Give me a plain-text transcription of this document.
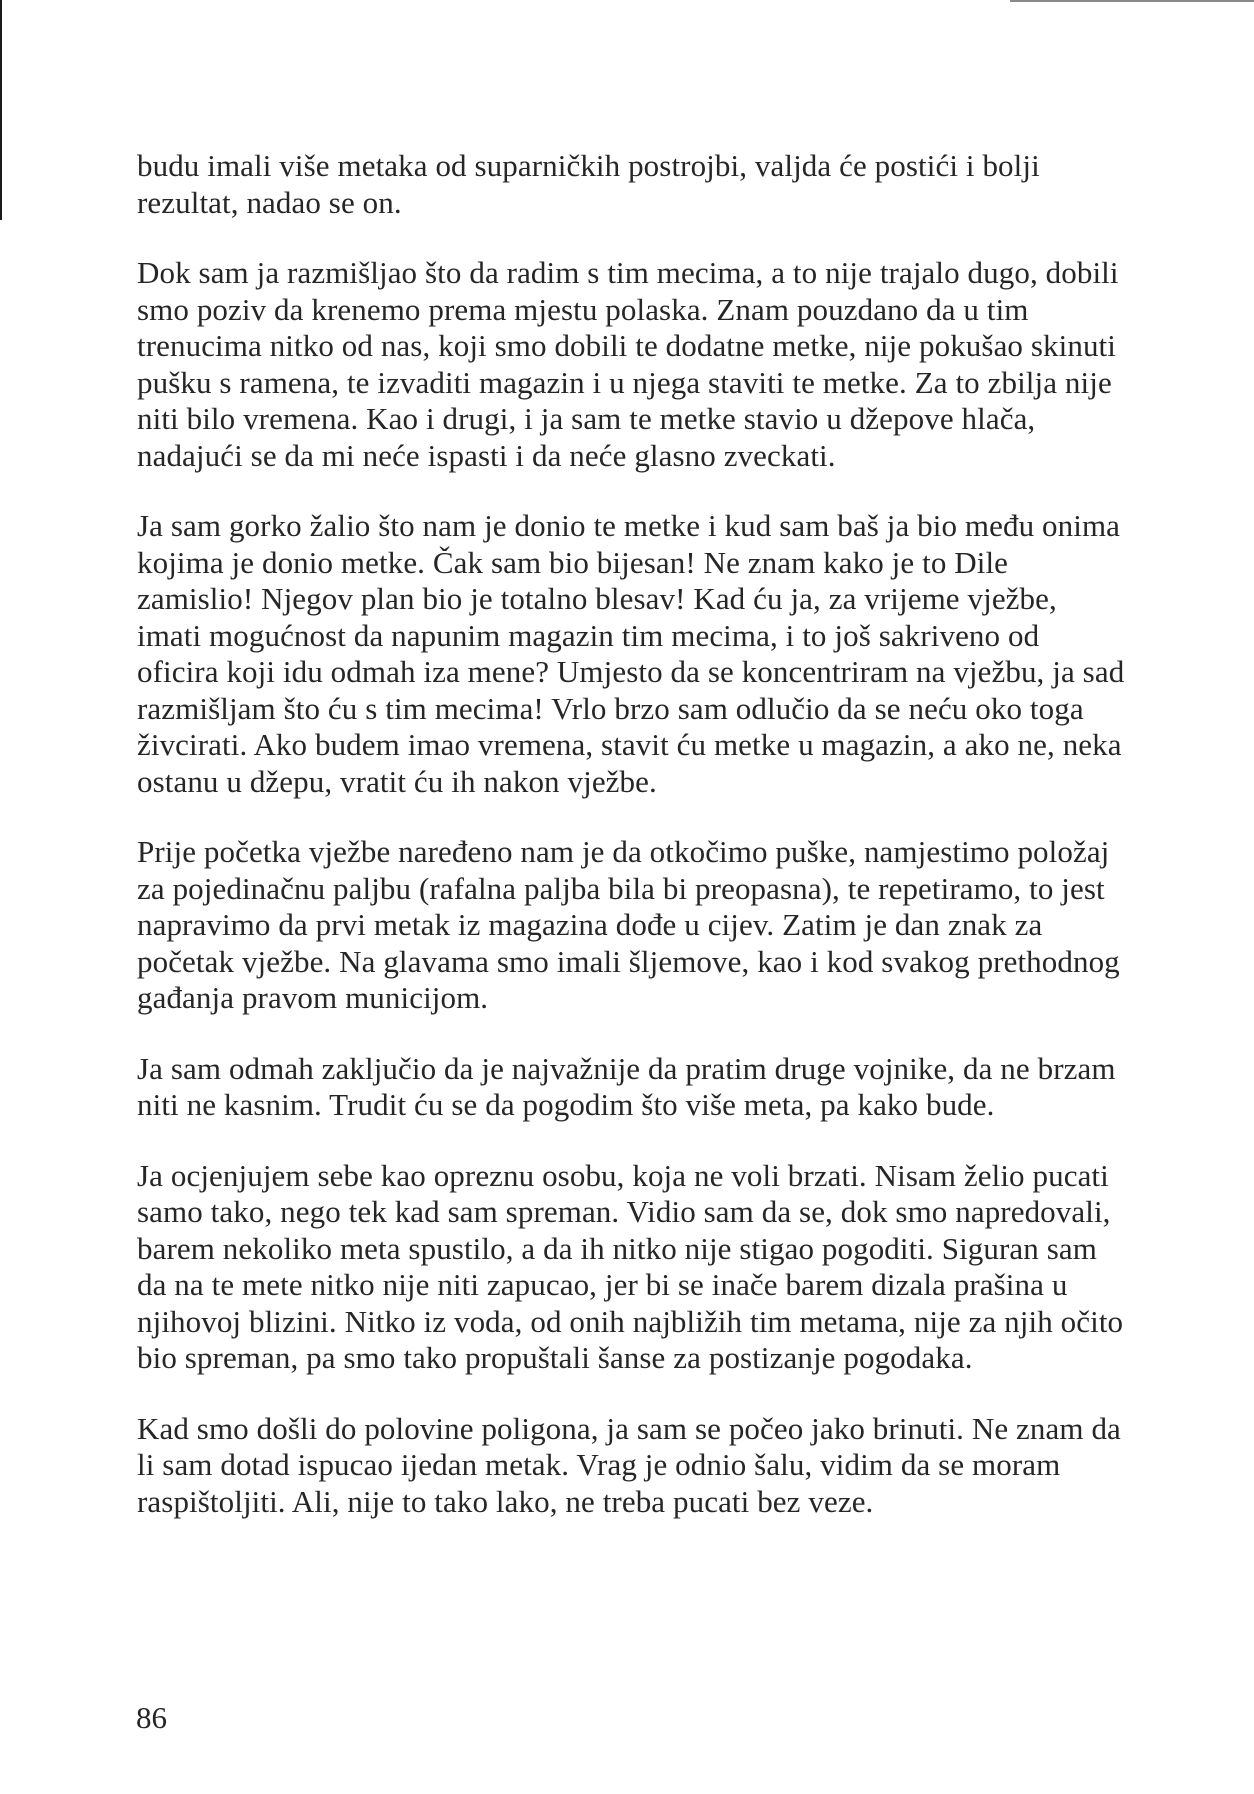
budu imali više metaka od suparničkih postrojbi, valjda će postići i bolji rezultat, nadao se on.

Dok sam ja razmišljao što da radim s tim mecima, a to nije trajalo dugo, dobili smo poziv da krenemo prema mjestu polaska. Znam pouzdano da u tim trenucima nitko od nas, koji smo dobili te dodatne metke, nije pokušao skinuti pušku s ramena, te izvaditi magazin i u njega staviti te metke. Za to zbilja nije niti bilo vremena. Kao i drugi, i ja sam te metke stavio u džepove hlača, nadajući se da mi neće ispasti i da neće glasno zveckati.

Ja sam gorko žalio što nam je donio te metke i kud sam baš ja bio među onima kojima je donio metke. Čak sam bio bijesan! Ne znam kako je to Dile zamislio! Njegov plan bio je totalno blesav! Kad ću ja, za vrijeme vježbe, imati mogućnost da napunim magazin tim mecima, i to još sakriveno od oficira koji idu odmah iza mene? Umjesto da se koncentriram na vježbu, ja sad razmišljam što ću s tim mecima! Vrlo brzo sam odlučio da se neću oko toga živcirati. Ako budem imao vremena, stavit ću metke u magazin, a ako ne, neka ostanu u džepu, vratit ću ih nakon vježbe.

Prije početka vježbe naređeno nam je da otkočimo puške, namjestimo položaj za pojedinačnu paljbu (rafalna paljba bila bi preopasna), te repetiramo, to jest napravimo da prvi metak iz magazina dođe u cijev. Zatim je dan znak za početak vježbe. Na glavama smo imali šljemove, kao i kod svakog prethodnog gađanja pravom municijom.

Ja sam odmah zaključio da je najvažnije da pratim druge vojnike, da ne brzam niti ne kasnim. Trudit ću se da pogodim što više meta, pa kako bude.

Ja ocjenjujem sebe kao opreznu osobu, koja ne voli brzati. Nisam želio pucati samo tako, nego tek kad sam spreman. Vidio sam da se, dok smo napredovali, barem nekoliko meta spustilo, a da ih nitko nije stigao pogoditi. Siguran sam da na te mete nitko nije niti zapucao, jer bi se inače barem dizala prašina u njihovoj blizini. Nitko iz voda, od onih najbližih tim metama, nije za njih očito bio spreman, pa smo tako propuštali šanse za postizanje pogodaka.

Kad smo došli do polovine poligona, ja sam se počeo jako brinuti. Ne znam da li sam dotad ispucao ijedan metak. Vrag je odnio šalu, vidim da se moram raspištoljiti. Ali, nije to tako lako, ne treba pucati bez veze.

86
